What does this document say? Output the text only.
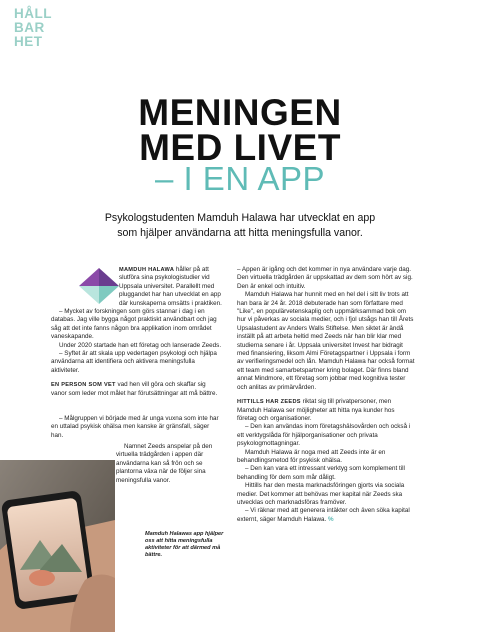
HÅLL
BAR
HET
MENINGEN
MED LIVET
– I EN APP
Psykologstudenten Mamduh Halawa har utvecklat en app som hjälper användarna att hitta meningsfulla vanor.

MAMDUH HALAWA håller på att slutföra sina psykologistudier vid Uppsala universitet. Parallellt med pluggandet har han utvecklat en app där kunskaperna omsätts i praktiken.

– Mycket av forskningen som görs stannar i dag i en databas. Jag ville bygga något praktiskt användbart och jag såg att det inte fanns någon bra applikation inom området vaneskapande.

Under 2020 startade han ett företag och lanserade Zeeds.

– Syftet är att skala upp vedertagen psykologi och hjälpa användarna att identifiera och aktivera meningsfulla aktiviteter.

EN PERSON SOM VET vad hen vill göra och skaffar sig vanor som leder mot målet har förutsättningar att må bättre.

– Målgruppen vi började med är unga vuxna som inte har en uttalad psykisk ohälsa men kanske är gränsfall, säger han.

Namnet Zeeds anspelar på den virtuella trädgården i appen där användarna kan så frön och se plantorna växa när de följer sina meningsfulla vanor.

Mamduh Halawas app hjälper oss att hitta meningsfulla aktiviteter för att därmed må bättre.

– Appen är igång och det kommer in nya användare varje dag. Den virtuella trädgården är uppskattad av dem som hört av sig. Den är enkel och intuitiv.

Mamduh Halawa har hunnit med en hel del i sitt liv trots att han bara är 24 år. 2018 debuterade han som författare med "Like", en populärvetenskaplig och uppmärksammad bok om hur vi påverkas av sociala medier, och i fjol utsågs han till Årets Upsalastudent av Anders Walls Stiftelse. Men siktet är ändå inställt på att arbeta heltid med Zeeds när han blir klar med studierna senare i år. Uppsala universitet Invest har bidragit med finansiering, liksom Almi Företagspartner i Uppsala i form av verifieringsmedel och lån. Mamduh Halawa har också format ett team med samarbetspartner kring bolaget. Där finns bland annat Mindmore, ett företag som jobbar med kognitiva tester och anlitas av primärvården.

HITTILLS HAR ZEEDS riktat sig till privatpersoner, men Mamduh Halawa ser möjligheter att hitta nya kunder hos företag och organisationer.

– Den kan användas inom företagshälsovården och också i ett verktygslåda för hjälporganisationer och privata psykologmottagningar.

Mamduh Halawa är noga med att Zeeds inte är en behandlingsmetod för psykisk ohälsa.

– Den kan vara ett intressant verktyg som komplement till behandling för dem som mår dåligt.

Hittills har den mesta marknadsföringen gjorts via sociala medier. Det kommer att behövas mer kapital när Zeeds ska utvecklas och marknadsföras framöver.

– Vi räknar med att generera intäkter och även söka kapital externt, säger Mamduh Halawa. %
